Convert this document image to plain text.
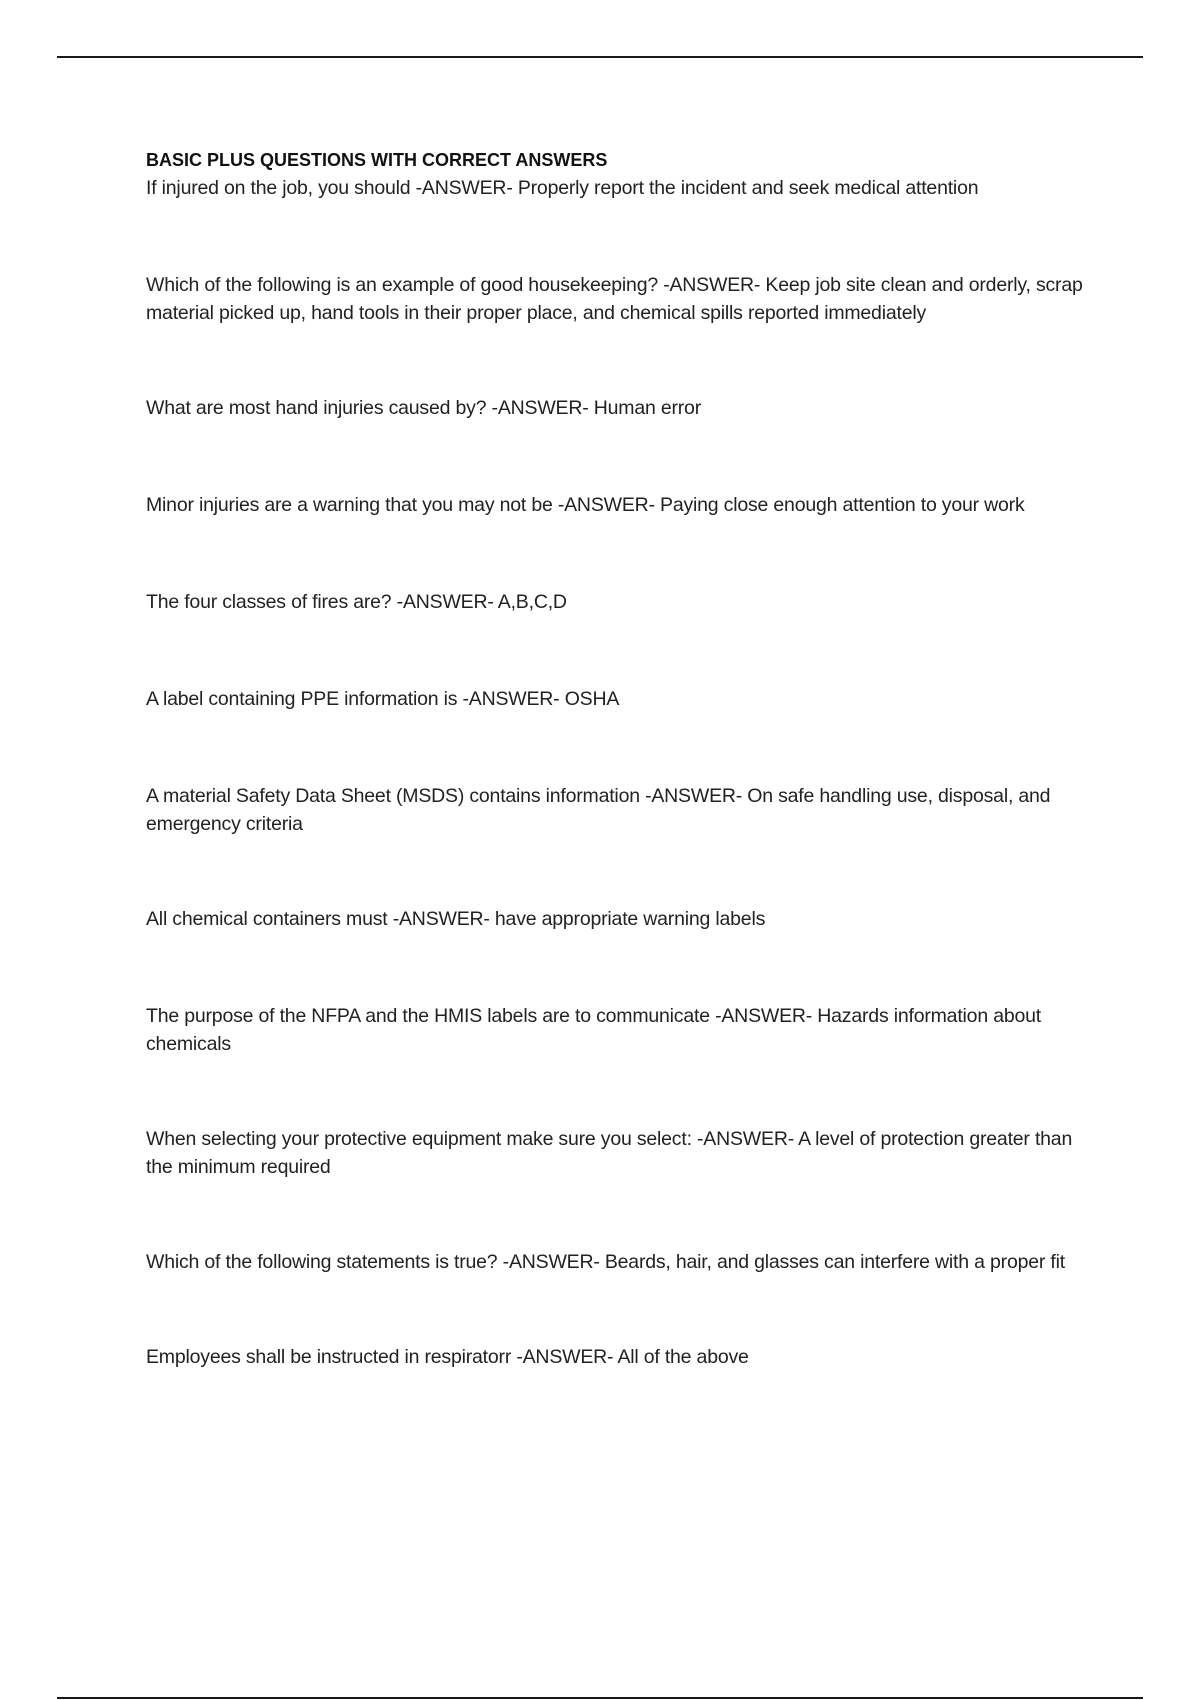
BASIC PLUS QUESTIONS WITH CORRECT ANSWERS

If injured on the job, you should -ANSWER- Properly report the incident and seek medical attention

Which of the following is an example of good housekeeping? -ANSWER- Keep job site clean and orderly, scrap material picked up, hand tools in their proper place, and chemical spills reported immediately

What are most hand injuries caused by? -ANSWER- Human error

Minor injuries are a warning that you may not be -ANSWER- Paying close enough attention to your work

The four classes of fires are? -ANSWER- A,B,C,D

A label containing PPE information is -ANSWER- OSHA

A material Safety Data Sheet (MSDS) contains information -ANSWER- On safe handling use, disposal, and emergency criteria

All chemical containers must -ANSWER- have appropriate warning labels

The purpose of the NFPA and the HMIS labels are to communicate -ANSWER- Hazards information about chemicals

When selecting your protective equipment make sure you select: -ANSWER- A level of protection greater than the minimum required

Which of the following statements is true? -ANSWER- Beards, hair, and glasses can interfere with a proper fit

Employees shall be instructed in respiratorr -ANSWER- All of the above
